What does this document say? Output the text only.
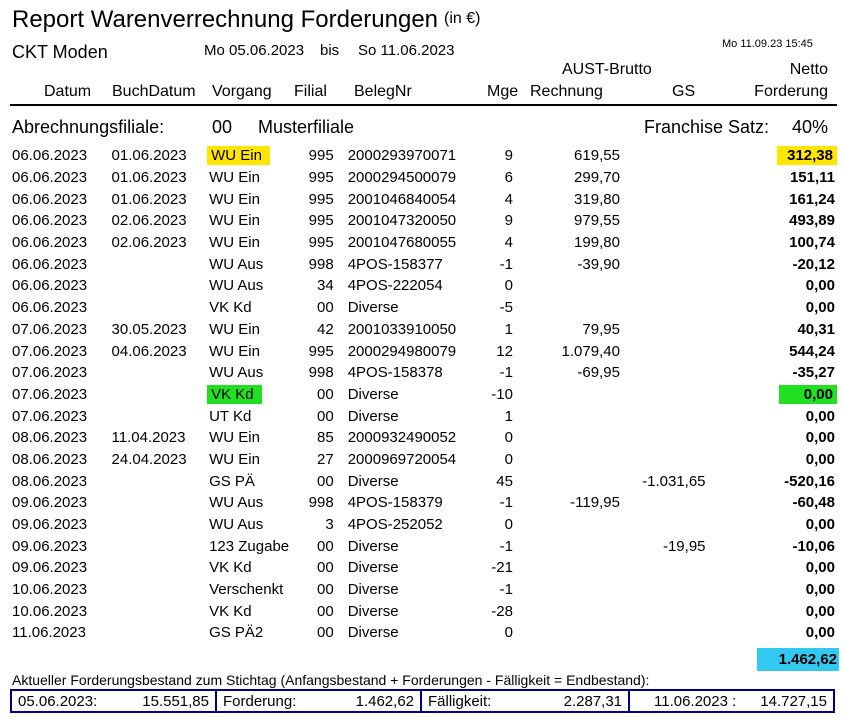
Report Warenverrechnung Forderungen (in €)
CKT Moden	Mo 05.06.2023 bis So 11.06.2023	Mo 11.09.23 15:45
AUST-Brutto	Netto
Datum BuchDatum Vorgang Filial BelegNr	Mge Rechnung	GS	Forderung
Abrechnungsfiliale:	00 Musterfiliale	Franchise Satz: 40%
06.06.2023	01.06.2023	WU Ein	995	2000293970071	9	619,55		312,38
06.06.2023	01.06.2023	WU Ein	995	2000294500079	6	299,70		151,11
06.06.2023	01.06.2023	WU Ein	995	2001046840054	4	319,80		161,24
06.06.2023	02.06.2023	WU Ein	995	2001047320050	9	979,55		493,89
06.06.2023	02.06.2023	WU Ein	995	2001047680055	4	199,80		100,74
06.06.2023		WU Aus	998	4POS-158377	-1	-39,90		-20,12
06.06.2023		WU Aus	34	4POS-222054	0			0,00
06.06.2023		VK Kd	00	Diverse	-5			0,00
07.06.2023	30.05.2023	WU Ein	42	2001033910050	1	79,95		40,31
07.06.2023	04.06.2023	WU Ein	995	2000294980079	12	1.079,40		544,24
07.06.2023		WU Aus	998	4POS-158378	-1	-69,95		-35,27
07.06.2023		VK Kd	00	Diverse	-10			0,00
07.06.2023		UT Kd	00	Diverse	1			0,00
08.06.2023	11.04.2023	WU Ein	85	2000932490052	0			0,00
08.06.2023	24.04.2023	WU Ein	27	2000969720054	0			0,00
08.06.2023		GS PÄ	00	Diverse	45		-1.031,65	-520,16
09.06.2023		WU Aus	998	4POS-158379	-1	-119,95		-60,48
09.06.2023		WU Aus	3	4POS-252052	0			0,00
09.06.2023		123 Zugabe	00	Diverse	-1		-19,95	-10,06
09.06.2023		VK Kd	00	Diverse	-21			0,00
10.06.2023		Verschenkt	00	Diverse	-1			0,00
10.06.2023		VK Kd	00	Diverse	-28			0,00
11.06.2023		GS PÄ2	00	Diverse	0			0,00
1.462,62
Aktueller Forderungsbestand zum Stichtag (Anfangsbestand + Forderungen - Fälligkeit = Endbestand):
05.06.2023:	15.551,85 Forderung:	1.462,62 Fälligkeit:	2.287,31 11.06.2023 : 14.727,15
